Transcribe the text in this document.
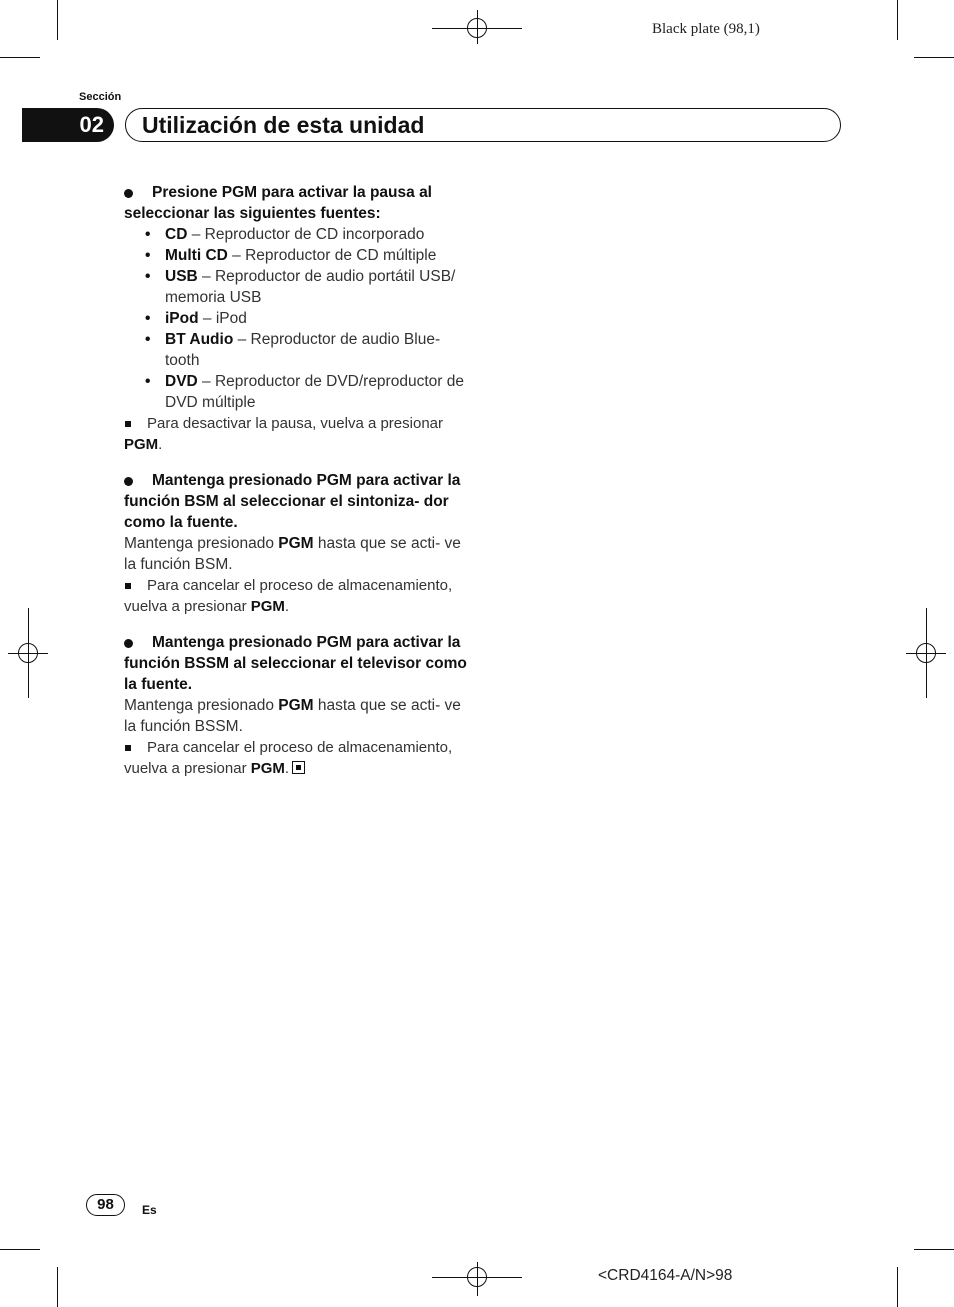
Black plate (98,1)
Sección
02	Utilización de esta unidad
Presione PGM para activar la pausa al seleccionar las siguientes fuentes:
• CD – Reproductor de CD incorporado
• Multi CD – Reproductor de CD múltiple
• USB – Reproductor de audio portátil USB/ memoria USB
• iPod – iPod
• BT Audio – Reproductor de audio Blue- tooth
• DVD – Reproductor de DVD/reproductor de DVD múltiple
Para desactivar la pausa, vuelva a presionar PGM.
Mantenga presionado PGM para activar la función BSM al seleccionar el sintoniza- dor como la fuente.
Mantenga presionado PGM hasta que se acti- ve la función BSM.
Para cancelar el proceso de almacenamiento, vuelva a presionar PGM.
Mantenga presionado PGM para activar la función BSSM al seleccionar el televisor como la fuente.
Mantenga presionado PGM hasta que se acti- ve la función BSSM.
Para cancelar el proceso de almacenamiento, vuelva a presionar PGM.
98	Es
<CRD4164-A/N>98
